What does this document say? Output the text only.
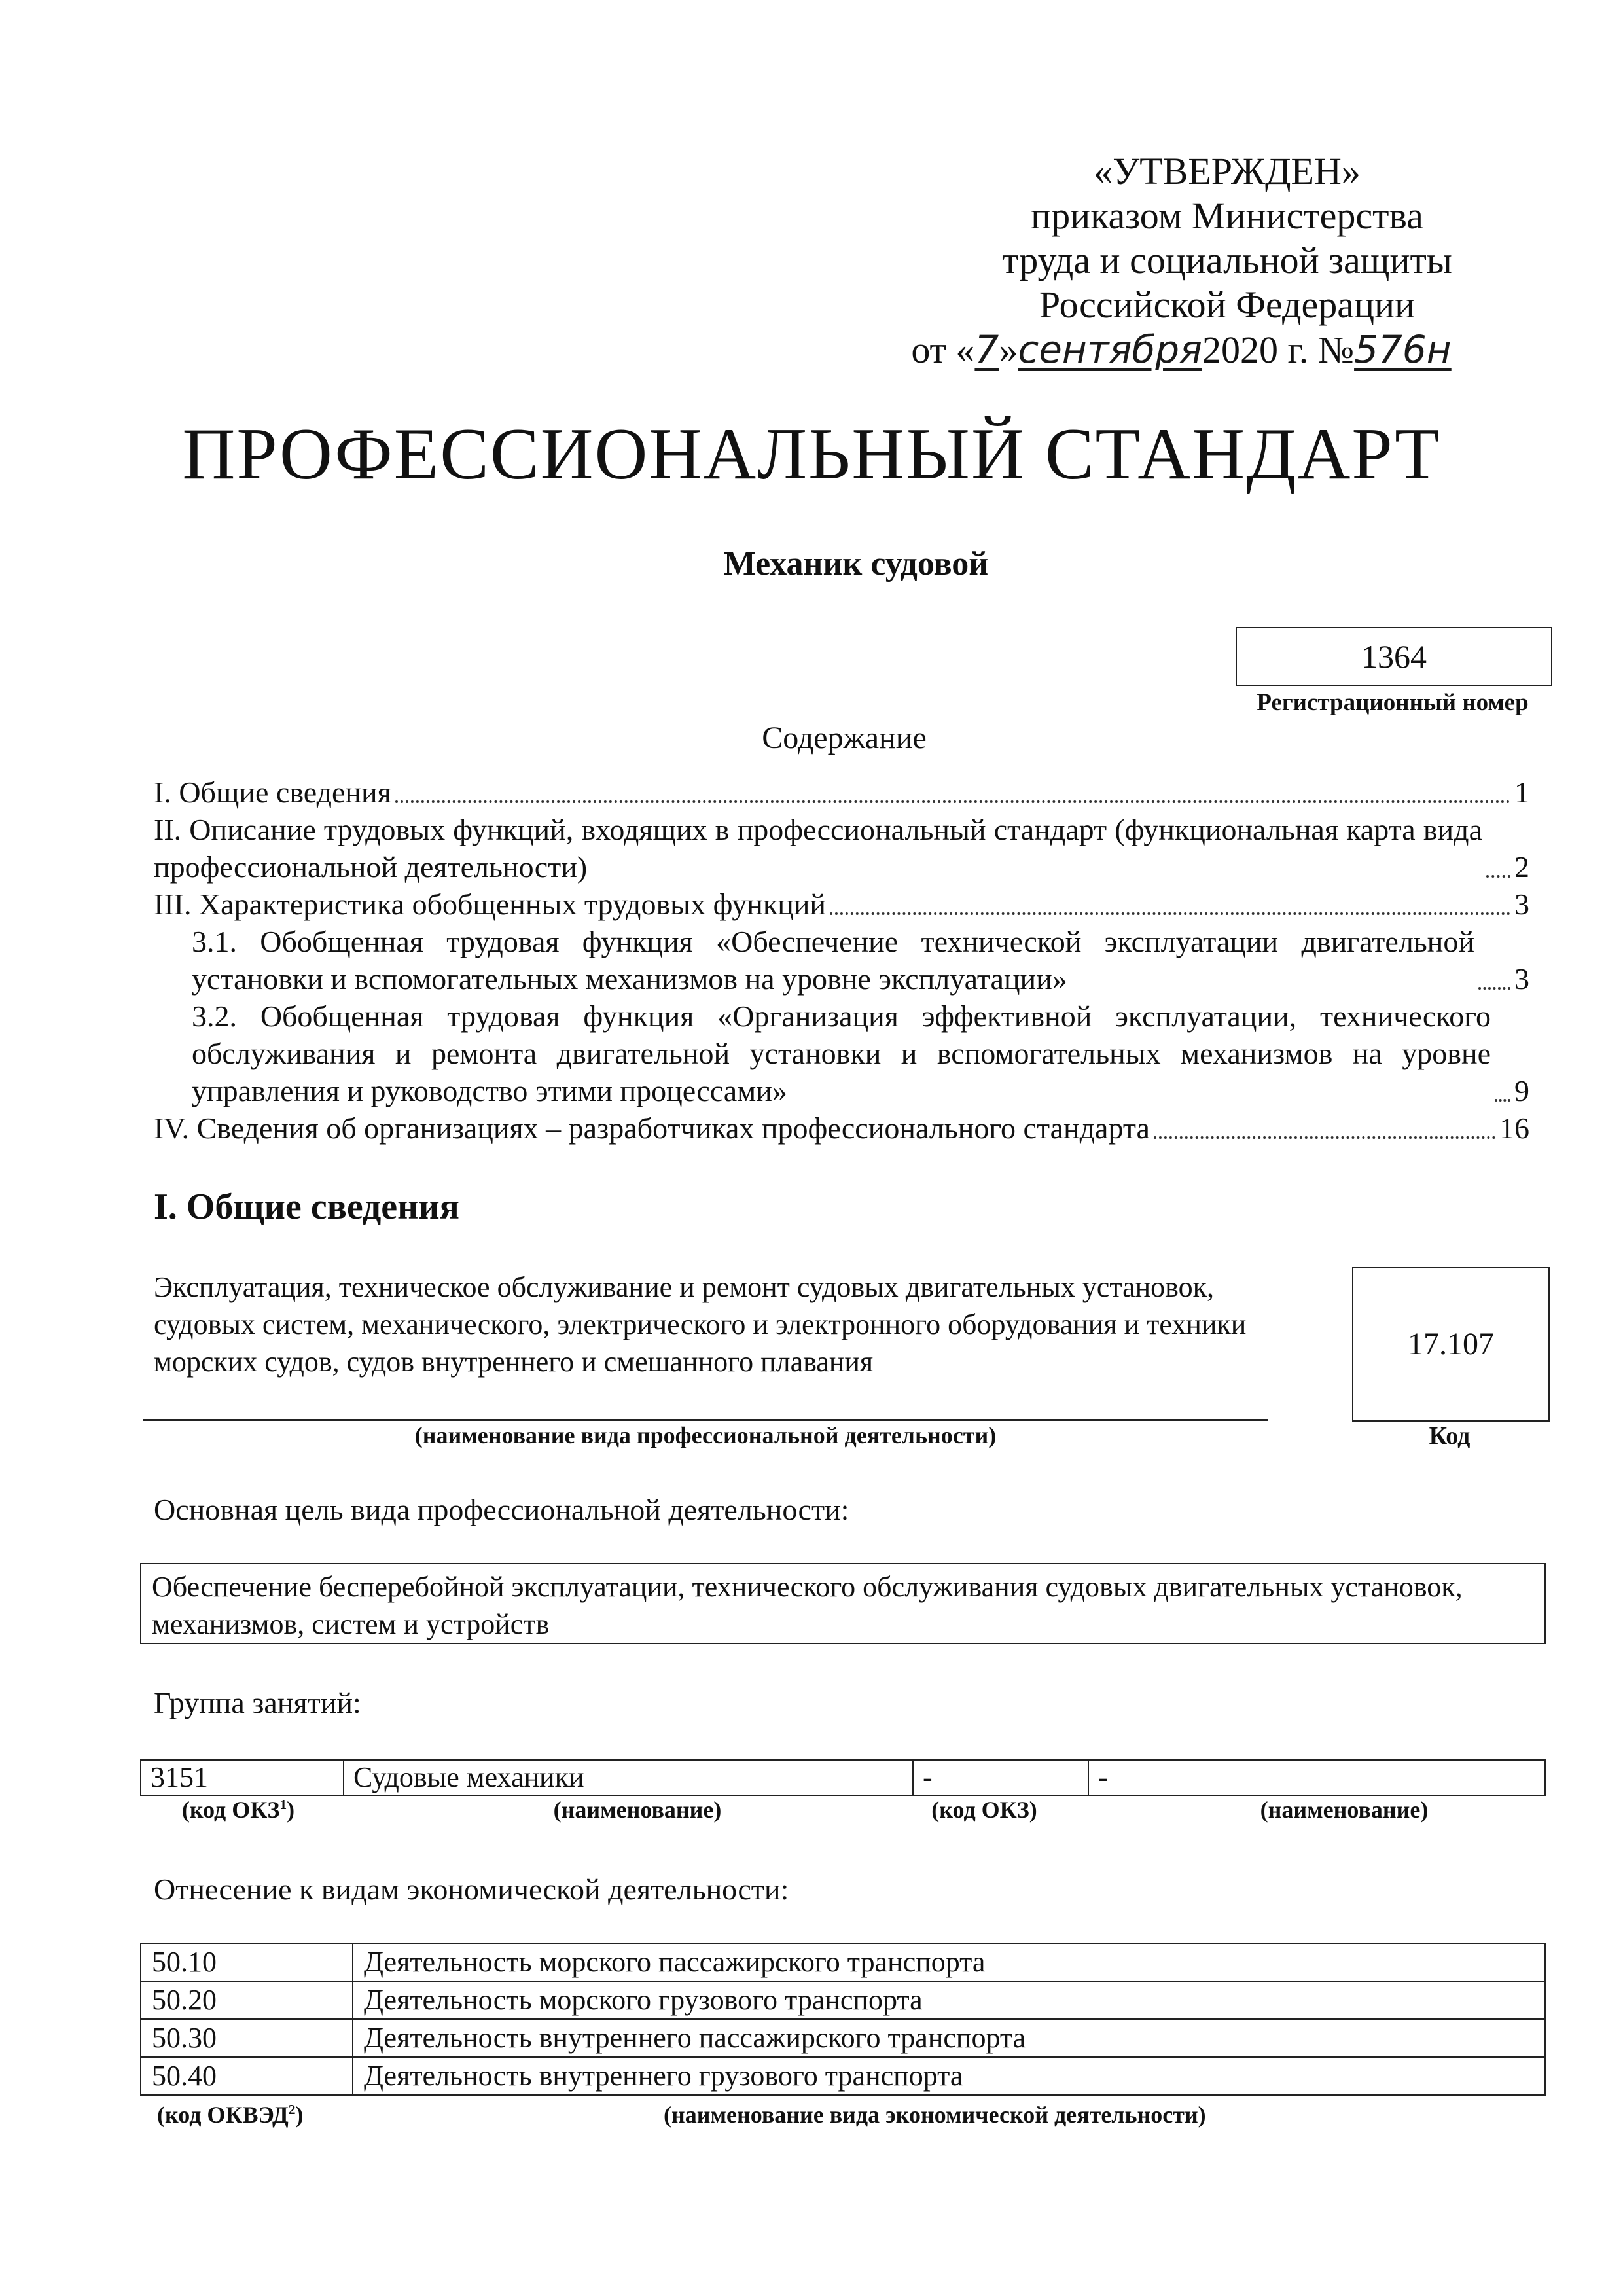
«УТВЕРЖДЕН»
приказом Министерства
труда и социальной защиты
Российской Федерации
от «7»сентября2020 г. №576н
ПРОФЕССИОНАЛЬНЫЙ СТАНДАРТ
Механик судовой
1364
Регистрационный номер
Содержание
I. Общие сведения	1
II. Описание трудовых функций, входящих в профессиональный стандарт (функциональная карта вида профессиональной деятельности)	2
III. Характеристика обобщенных трудовых функций	3
3.1. Обобщенная трудовая функция «Обеспечение технической эксплуатации двигательной установки и вспомогательных механизмов на уровне эксплуатации»	3
3.2. Обобщенная трудовая функция «Организация эффективной эксплуатации, технического обслуживания и ремонта двигательной установки и вспомогательных механизмов на уровне управления и руководство этими процессами»	9
IV. Сведения об организациях – разработчиках профессионального стандарта	16
I. Общие сведения
Эксплуатация, техническое обслуживание и ремонт судовых двигательных установок, судовых систем, механического, электрического и электронного оборудования и техники морских судов, судов внутреннего и смешанного плавания
(наименование вида профессиональной деятельности)
17.107
Код
Основная цель вида профессиональной деятельности:
Обеспечение бесперебойной эксплуатации, технического обслуживания судовых двигательных установок, механизмов, систем и устройств
Группа занятий:
3151	Судовые механики	-	-
(код ОКЗ$^1$)	(наименование)	(код ОКЗ)	(наименование)
Отнесение к видам экономической деятельности:
50.10	Деятельность морского пассажирского транспорта
50.20	Деятельность морского грузового транспорта
50.30	Деятельность внутреннего пассажирского транспорта
50.40	Деятельность внутреннего грузового транспорта
(код ОКВЭД$^2$)	(наименование вида экономической деятельности)
